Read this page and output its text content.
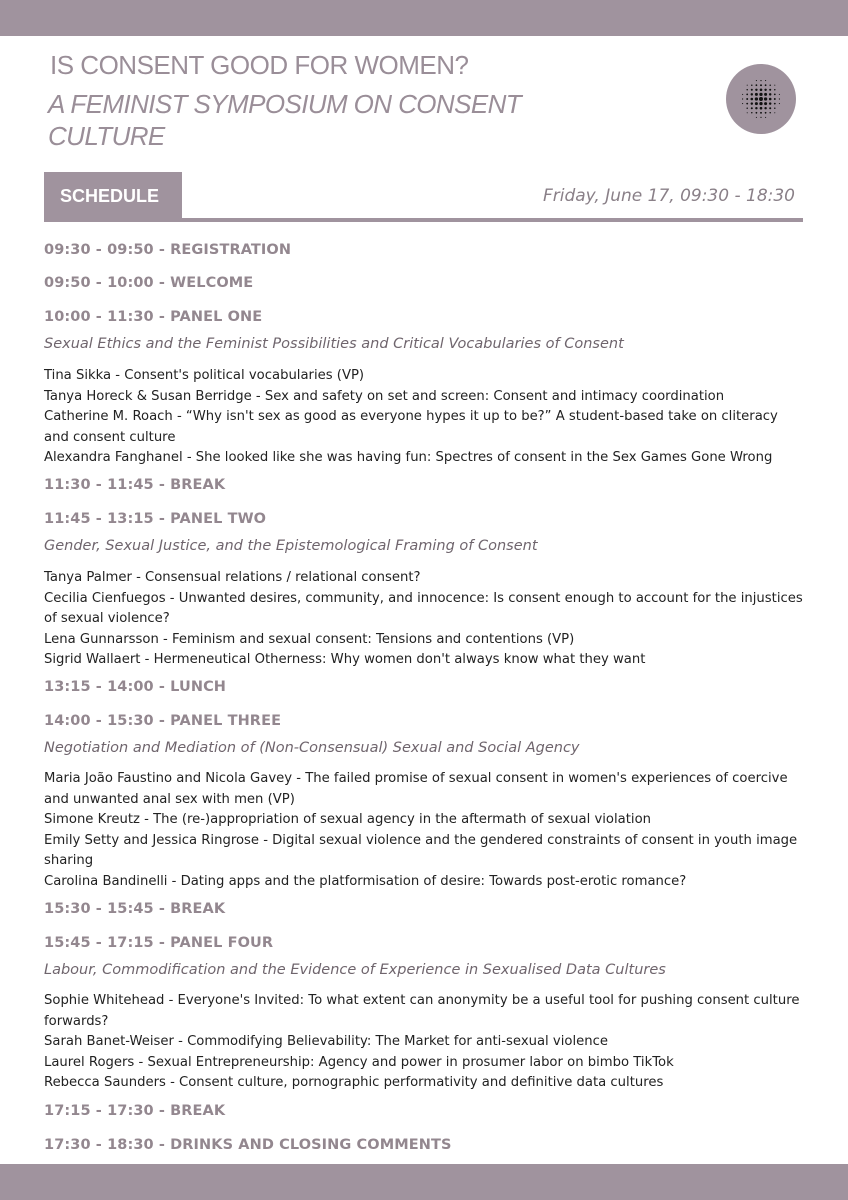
IS CONSENT GOOD FOR WOMEN?
A FEMINIST SYMPOSIUM ON CONSENT CULTURE
SCHEDULE	Friday, June 17, 09:30 - 18:30
09:30 - 09:50 - REGISTRATION
09:50 - 10:00 - WELCOME
10:00 - 11:30 - PANEL ONE
Sexual Ethics and the Feminist Possibilities and Critical Vocabularies of Consent
Tina Sikka - Consent's political vocabularies (VP)
Tanya Horeck & Susan Berridge - Sex and safety on set and screen: Consent and intimacy coordination
Catherine M. Roach - “Why isn't sex as good as everyone hypes it up to be?” A student-based take on cliteracy and consent culture
Alexandra Fanghanel - She looked like she was having fun: Spectres of consent in the Sex Games Gone Wrong
11:30 - 11:45 - BREAK
11:45 - 13:15 - PANEL TWO
Gender, Sexual Justice, and the Epistemological Framing of Consent
Tanya Palmer - Consensual relations / relational consent?
Cecilia Cienfuegos - Unwanted desires, community, and innocence: Is consent enough to account for the injustices of sexual violence?
Lena Gunnarsson - Feminism and sexual consent: Tensions and contentions (VP)
Sigrid Wallaert - Hermeneutical Otherness: Why women don't always know what they want
13:15 - 14:00 - LUNCH
14:00 - 15:30 - PANEL THREE
Negotiation and Mediation of (Non-Consensual) Sexual and Social Agency
Maria João Faustino and Nicola Gavey - The failed promise of sexual consent in women's experiences of coercive and unwanted anal sex with men (VP)
Simone Kreutz - The (re-)appropriation of sexual agency in the aftermath of sexual violation
Emily Setty and Jessica Ringrose - Digital sexual violence and the gendered constraints of consent in youth image sharing
Carolina Bandinelli - Dating apps and the platformisation of desire: Towards post-erotic romance?
15:30 - 15:45 - BREAK
15:45 - 17:15 - PANEL FOUR
Labour, Commodification and the Evidence of Experience in Sexualised Data Cultures
Sophie Whitehead - Everyone's Invited: To what extent can anonymity be a useful tool for pushing consent culture forwards?
Sarah Banet-Weiser - Commodifying Believability: The Market for anti-sexual violence
Laurel Rogers - Sexual Entrepreneurship: Agency and power in prosumer labor on bimbo TikTok
Rebecca Saunders - Consent culture, pornographic performativity and definitive data cultures
17:15 - 17:30 - BREAK
17:30 - 18:30 - DRINKS AND CLOSING COMMENTS
